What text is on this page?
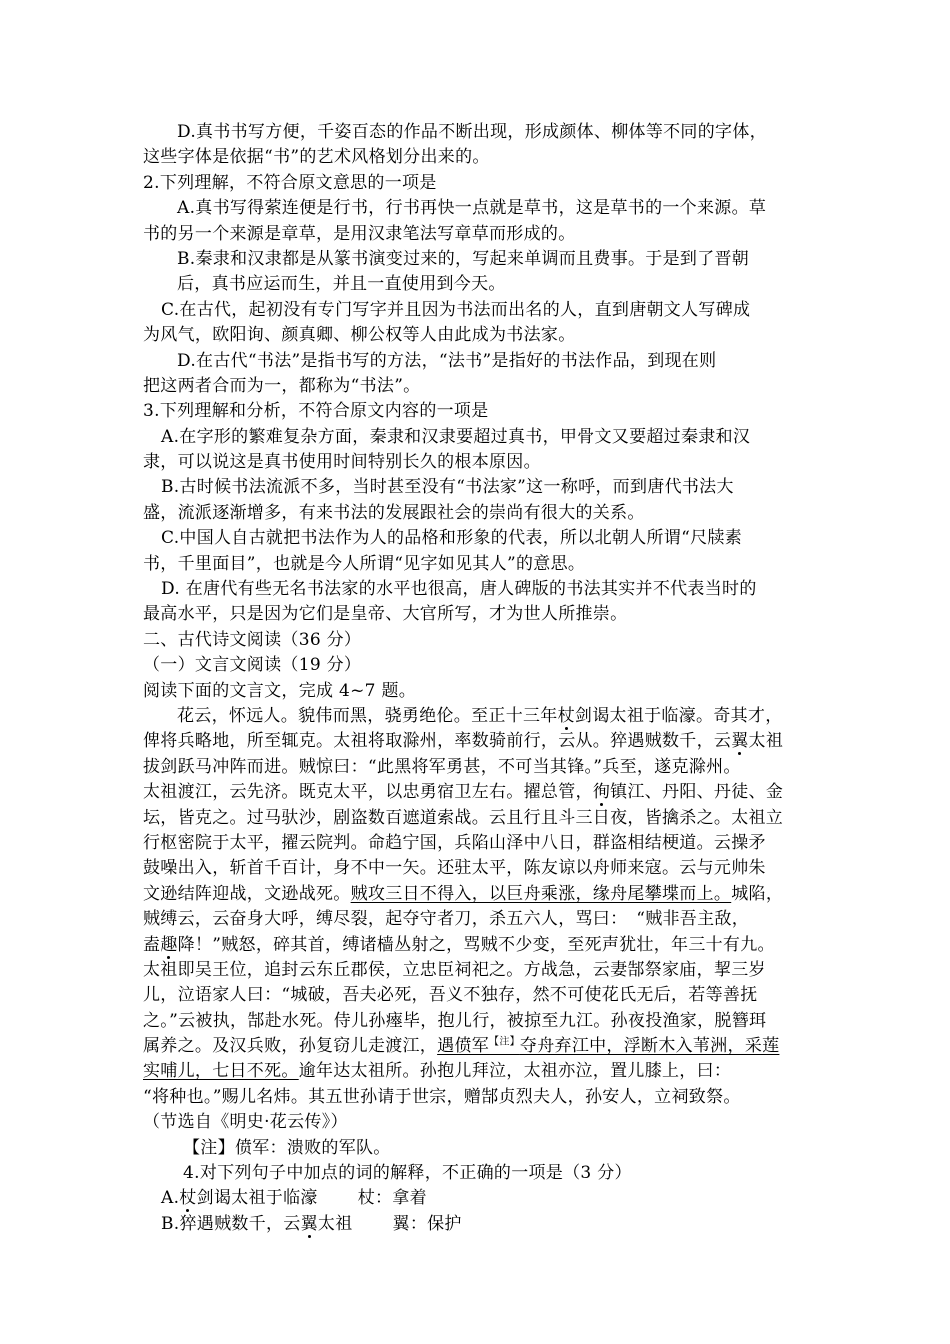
D.真书书写方便，千姿百态的作品不断出现，形成颜体、柳体等不同的字体，
这些字体是依据“书”的艺术风格划分出来的。
2.下列理解，不符合原文意思的一项是
A.真书写得萦连便是行书，行书再快一点就是草书，这是草书的一个来源。草
书的另一个来源是章草，是用汉隶笔法写章草而形成的。
B.秦隶和汉隶都是从篆书演变过来的，写起来单调而且费事。于是到了晋朝
后，真书应运而生，并且一直使用到今天。
C.在古代，起初没有专门写字并且因为书法而出名的人，直到唐朝文人写碑成
为风气，欧阳询、颜真卿、柳公权等人由此成为书法家。
D.在古代“书法”是指书写的方法，“法书”是指好的书法作品，到现在则
把这两者合而为一，都称为“书法”。
3.下列理解和分析，不符合原文内容的一项是
A.在字形的繁难复杂方面，秦隶和汉隶要超过真书，甲骨文又要超过秦隶和汉
隶，可以说这是真书使用时间特别长久的根本原因。
B.古时候书法流派不多，当时甚至没有“书法家”这一称呼，而到唐代书法大
盛，流派逐渐增多，有来书法的发展跟社会的崇尚有很大的关系。
C.中国人自古就把书法作为人的品格和形象的代表，所以北朝人所谓“尺牍素
书，千里面目”，也就是今人所谓“见字如见其人”的意思。
D. 在唐代有些无名书法家的水平也很高，唐人碑版的书法其实并不代表当时的
最高水平，只是因为它们是皇帝、大官所写，才为世人所推崇。
二、古代诗文阅读（36 分）
（一）文言文阅读（19 分）
阅读下面的文言文，完成 4~7 题。
花云，怀远人。貌伟而黑，骁勇绝伦。至正十三年杖剑谒太祖于临濠。奇其才，
俾将兵略地，所至辄克。太祖将取滁州，率数骑前行，云从。猝遇贼数千，云翼太祖
拔剑跃马冲阵而进。贼惊曰：“此黑将军勇甚，不可当其锋。”兵至，遂克滁州。
太祖渡江，云先济。既克太平，以忠勇宿卫左右。擢总管，徇镇江、丹阳、丹徒、金
坛，皆克之。过马驮沙，剧盗数百遮道索战。云且行且斗三日夜，皆擒杀之。太祖立
行枢密院于太平，擢云院判。命趋宁国，兵陷山泽中八日，群盗相结梗道。云操矛
鼓噪出入，斩首千百计，身不中一矢。还驻太平，陈友谅以舟师来寇。云与元帅朱
文逊结阵迎战，文逊战死。贼攻三日不得入，以巨舟乘涨，缘舟尾攀堞而上。城陷，
贼缚云，云奋身大呼，缚尽裂，起夺守者刀，杀五六人，骂曰：　“贼非吾主敌，
盍趣降！”贼怒，碎其首，缚诸樯丛射之，骂贼不少变，至死声犹壮，年三十有九。
太祖即吴王位，追封云东丘郡侯，立忠臣祠祀之。方战急，云妻郜祭家庙，挈三岁
儿，泣语家人曰：“城破，吾夫必死，吾义不独存，然不可使花氏无后，若等善抚
之。”云被执，郜赴水死。侍儿孙瘞毕，抱儿行，被掠至九江。孙夜投渔家，脱簪珥
属养之。及汉兵败，孙复窃儿走渡江，遇偾军$^{【注】}$夺舟弃江中，浮断木入苇洲，采莲
实哺儿，七日不死。逾年达太祖所。孙抱儿拜泣，太祖亦泣，置儿膝上，曰：
“将种也。”赐儿名炜。其五世孙请于世宗，赠郜贞烈夫人，孙安人，立祠致祭。
（节选自《明史·花云传》）
【注】偾军：溃败的军队。
4.对下列句子中加点的词的解释，不正确的一项是（3 分）
A.杖剑谒太祖于临濠 杖：拿着
B.猝遇贼数千，云翼太祖 翼：保护
